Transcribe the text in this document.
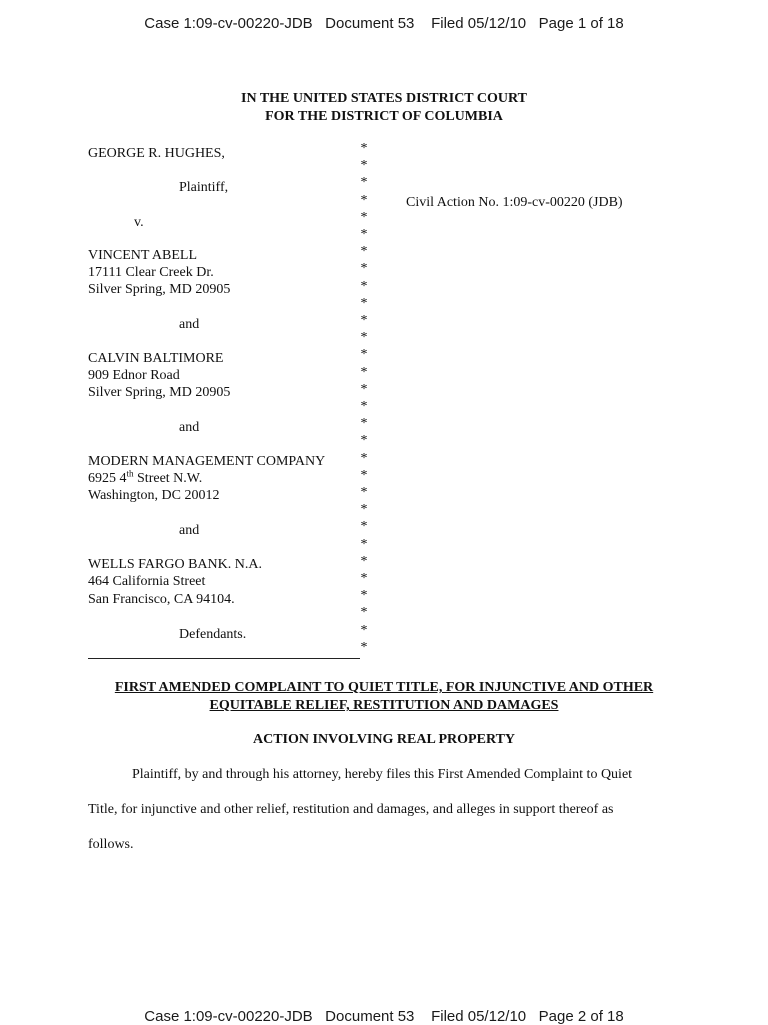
Case 1:09-cv-00220-JDB   Document 53    Filed 05/12/10   Page 1 of 18
IN THE UNITED STATES DISTRICT COURT
FOR THE DISTRICT OF COLUMBIA
GEORGE R. HUGHES,
Plaintiff,
v.
VINCENT ABELL
17111 Clear Creek Dr.
Silver Spring, MD 20905
and
CALVIN BALTIMORE
909 Ednor Road
Silver Spring, MD 20905
and
MODERN MANAGEMENT COMPANY
6925 4th Street N.W.
Washington, DC 20012
and
WELLS FARGO BANK. N.A.
464 California Street
San Francisco, CA 94104.
Defendants.
*
*
*
*
*
*
*
*
*
*
*
*
*
*
*
*
*
*
*
*
*
*
*
*
*
*
*
*
*
*
Civil Action No. 1:09-cv-00220 (JDB)
FIRST AMENDED COMPLAINT TO QUIET TITLE, FOR INJUNCTIVE AND OTHER
EQUITABLE RELIEF, RESTITUTION AND DAMAGES
ACTION INVOLVING REAL PROPERTY
Plaintiff, by and through his attorney, hereby files this First Amended Complaint to Quiet
Title, for injunctive and other relief, restitution and damages, and alleges in support thereof as
follows.
Case 1:09-cv-00220-JDB   Document 53    Filed 05/12/10   Page 2 of 18
